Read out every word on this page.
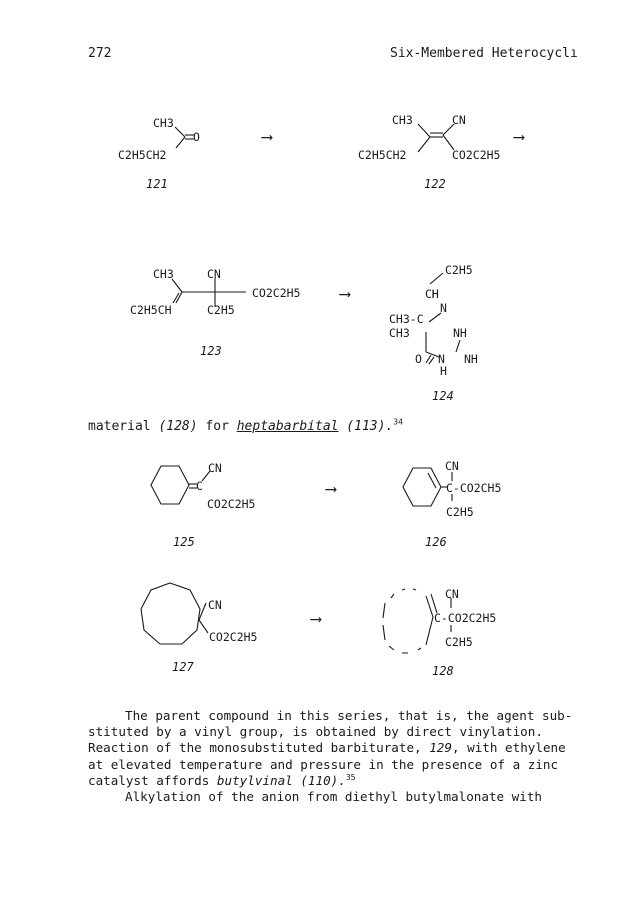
272	Six-Membered Heterocyclı
CH3
O
C2H5CH2
121
⟶
CH3	CN
C2H5CH2	CO2C2H5
122
⟶
CH3	CN
CO2C2H5
C2H5CH	C2H5
123
⟶
C2H5
CH
N
CH3-C
CH3	NH
O N NH
H
124
material (128) for heptabarbital (113).$^{34}$
CN
C
CO2C2H5
125
⟶
CN
C-CO2CH5
C2H5
126
CN
CO2C2H5
127
⟶
CN
C-CO2C2H5
C2H5
128
The parent compound in this series, that is, the agent sub-
stituted by a vinyl group, is obtained by direct vinylation.
Reaction of the monosubstituted barbiturate, 129, with ethylene
at elevated temperature and pressure in the presence of a zinc
catalyst affords butylvinal (110).$^{35}$
Alkylation of the anion from diethyl butylmalonate with
